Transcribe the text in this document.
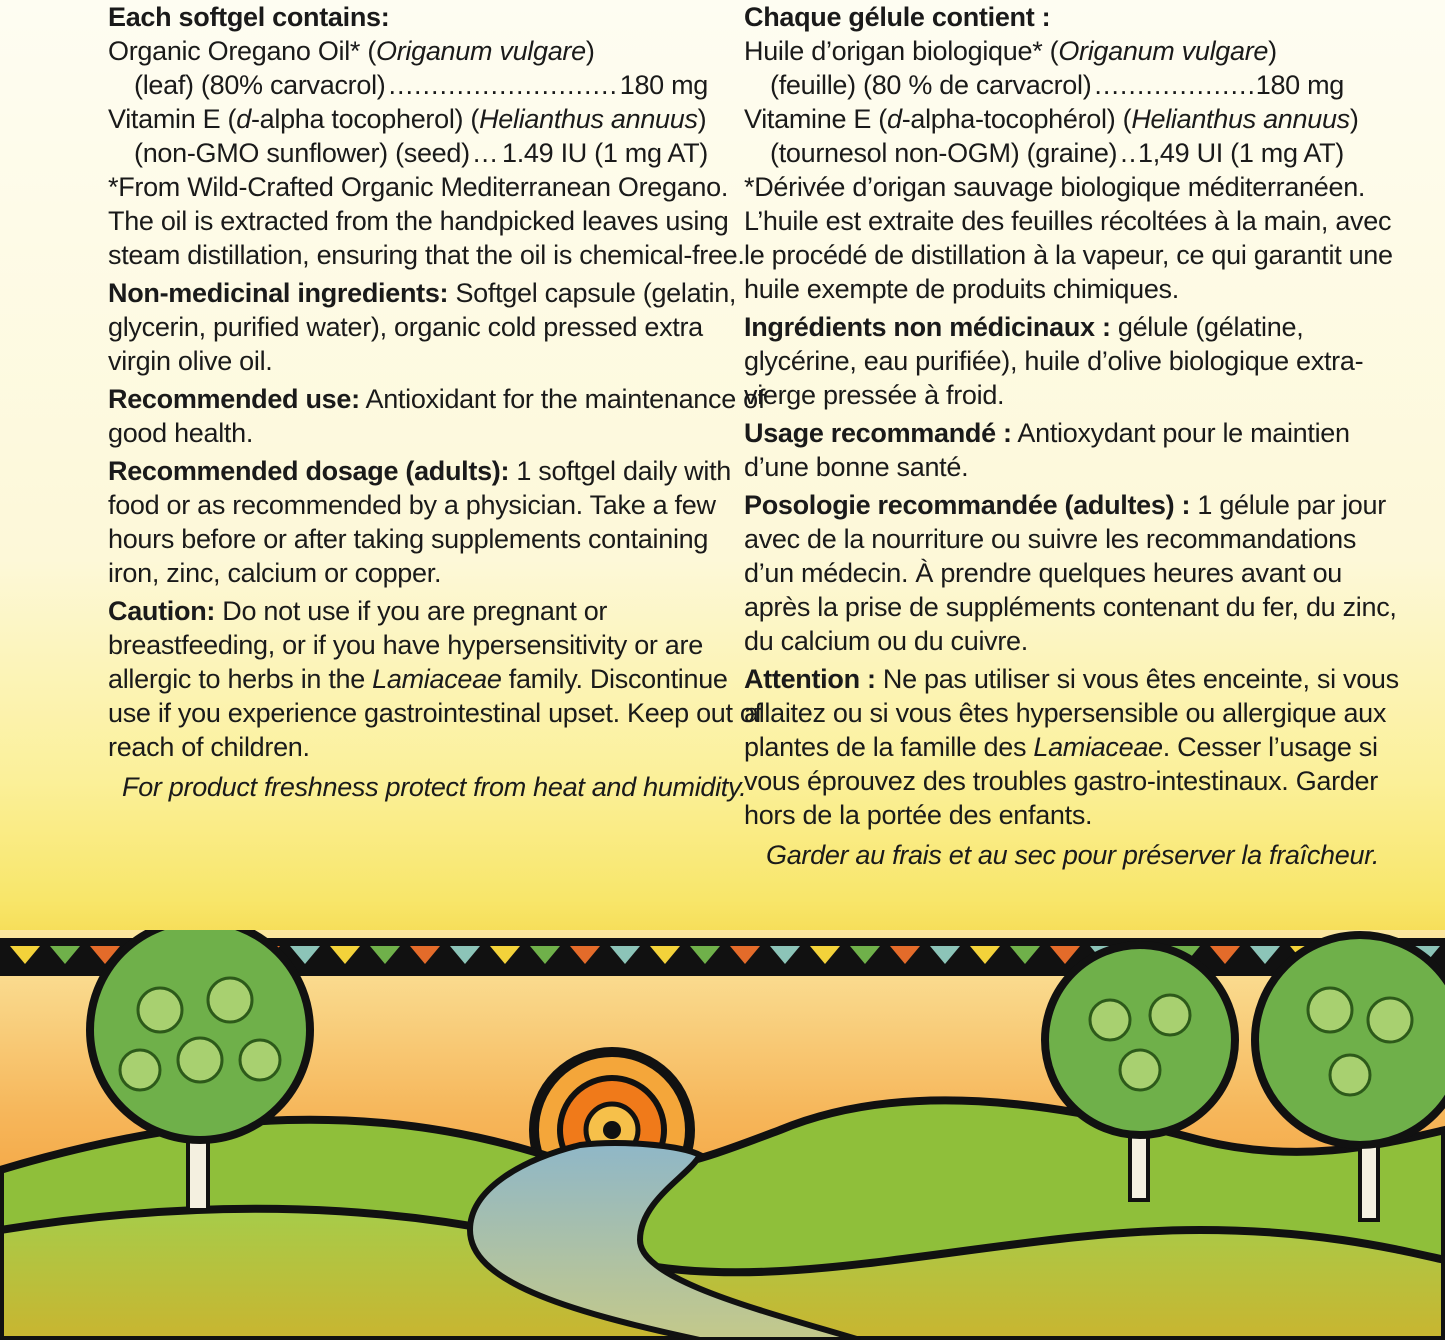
Each softgel contains:
Organic Oregano Oil* (Origanum vulgare)
(leaf) (80% carvacrol) .....	180 mg
Vitamin E (d-alpha tocopherol) (Helianthus annuus)
(non-GMO sunflower) (seed) ..... 1.49 IU (1 mg AT)
*From Wild-Crafted Organic Mediterranean Oregano.
The oil is extracted from the handpicked leaves using
steam distillation, ensuring that the oil is chemical-free.
Non-medicinal ingredients: Softgel capsule (gelatin,
glycerin, purified water), organic cold pressed extra
virgin olive oil.
Recommended use: Antioxidant for the maintenance of
good health.
Recommended dosage (adults): 1 softgel daily with
food or as recommended by a physician. Take a few
hours before or after taking supplements containing
iron, zinc, calcium or copper.
Caution: Do not use if you are pregnant or
breastfeeding, or if you have hypersensitivity or are
allergic to herbs in the Lamiaceae family. Discontinue
use if you experience gastrointestinal upset. Keep out of
reach of children.
For product freshness protect from heat and humidity.
Chaque gélule contient :
Huile d’origan biologique* (Origanum vulgare)
(feuille) (80 % de carvacrol) .....	180 mg
Vitamine E (d-alpha-tocophérol) (Helianthus annuus)
(tournesol non-OGM) (graine) ..... 1,49 UI (1 mg AT)
*Dérivée d’origan sauvage biologique méditerranéen.
L’huile est extraite des feuilles récoltées à la main, avec
le procédé de distillation à la vapeur, ce qui garantit une
huile exempte de produits chimiques.
Ingrédients non médicinaux : gélule (gélatine,
glycérine, eau purifiée), huile d’olive biologique extra-
vierge pressée à froid.
Usage recommandé : Antioxydant pour le maintien
d’une bonne santé.
Posologie recommandée (adultes) : 1 gélule par jour
avec de la nourriture ou suivre les recommandations
d’un médecin. À prendre quelques heures avant ou
après la prise de suppléments contenant du fer, du zinc,
du calcium ou du cuivre.
Attention : Ne pas utiliser si vous êtes enceinte, si vous
allaitez ou si vous êtes hypersensible ou allergique aux
plantes de la famille des Lamiaceae. Cesser l’usage si
vous éprouvez des troubles gastro-intestinaux. Garder
hors de la portée des enfants.
Garder au frais et au sec pour préserver la fraîcheur.
